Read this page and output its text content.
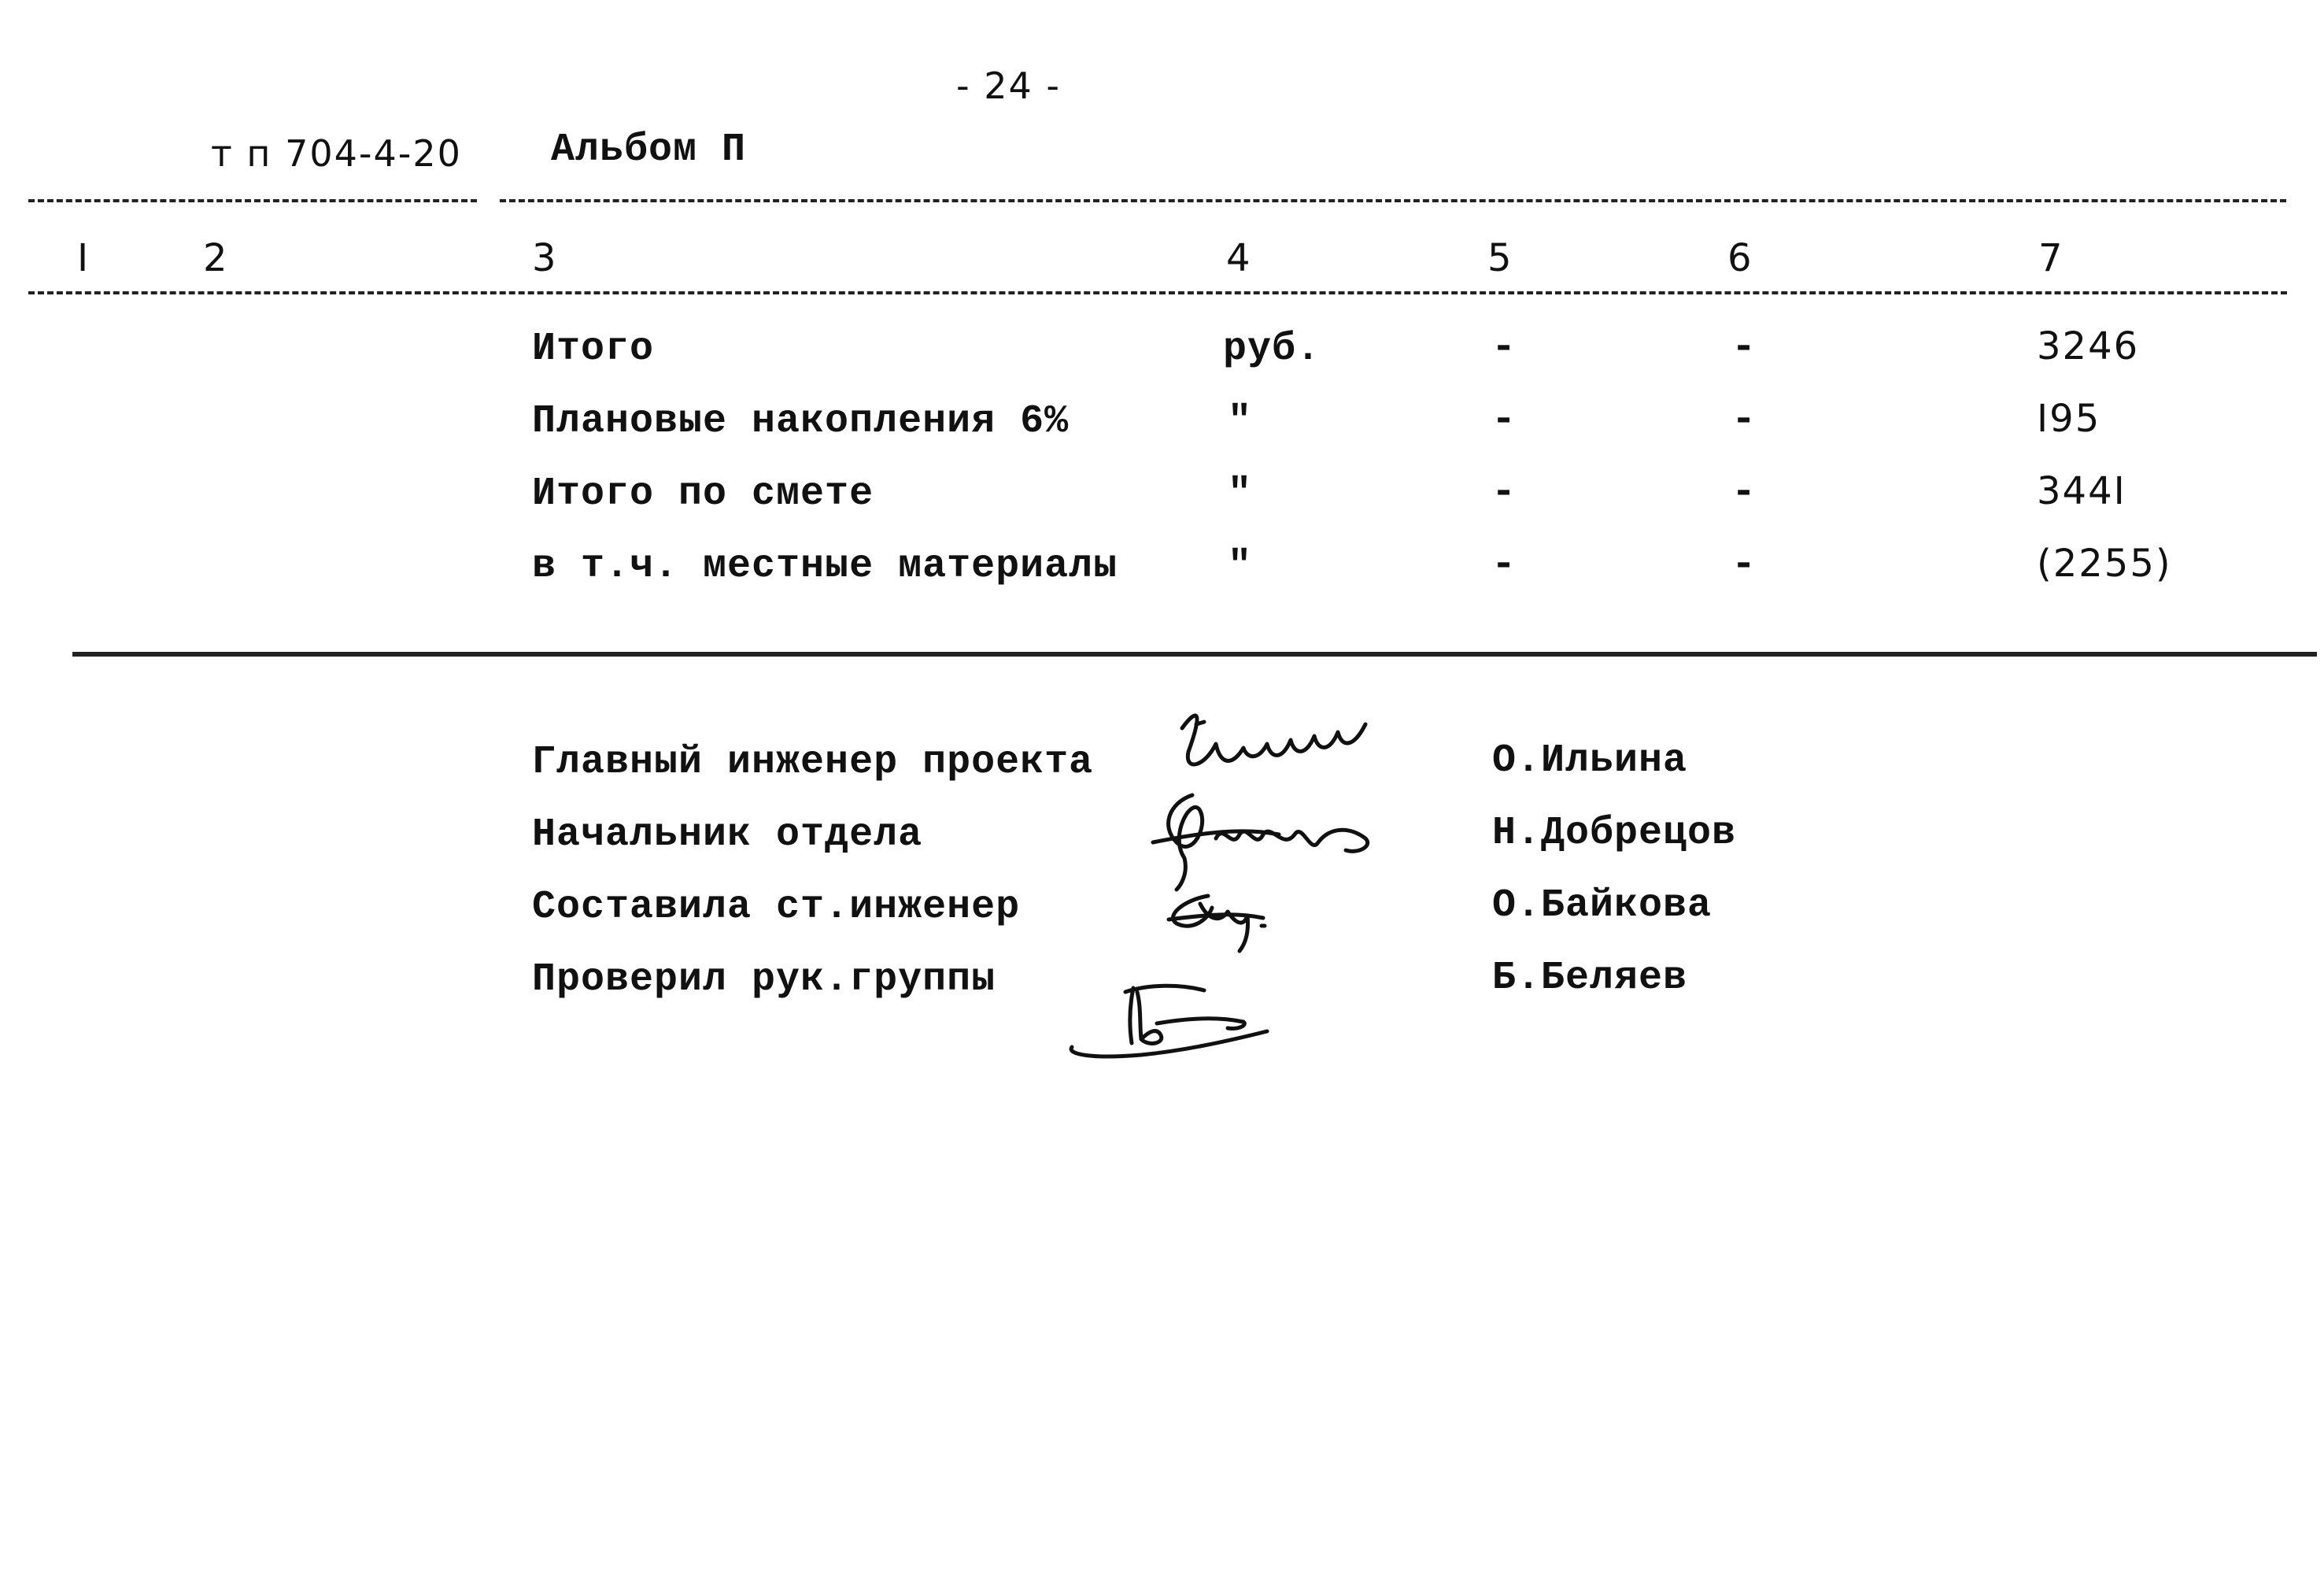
- 24 -
т п 704-4-20 Альбом П
I	2	3	4	5	6	7
Итого	руб.	-	-	3246
Плановые накопления 6%	"	-	-	I95
Итого по смете	"	-	-	344I
в т.ч. местные материалы	"	-	-	(2255)
Главный инженер проекта	О.Ильина
Начальник отдела	Н.Добрецов
Составила ст.инженер	О.Байкова
Проверил рук.группы	Б.Беляев
